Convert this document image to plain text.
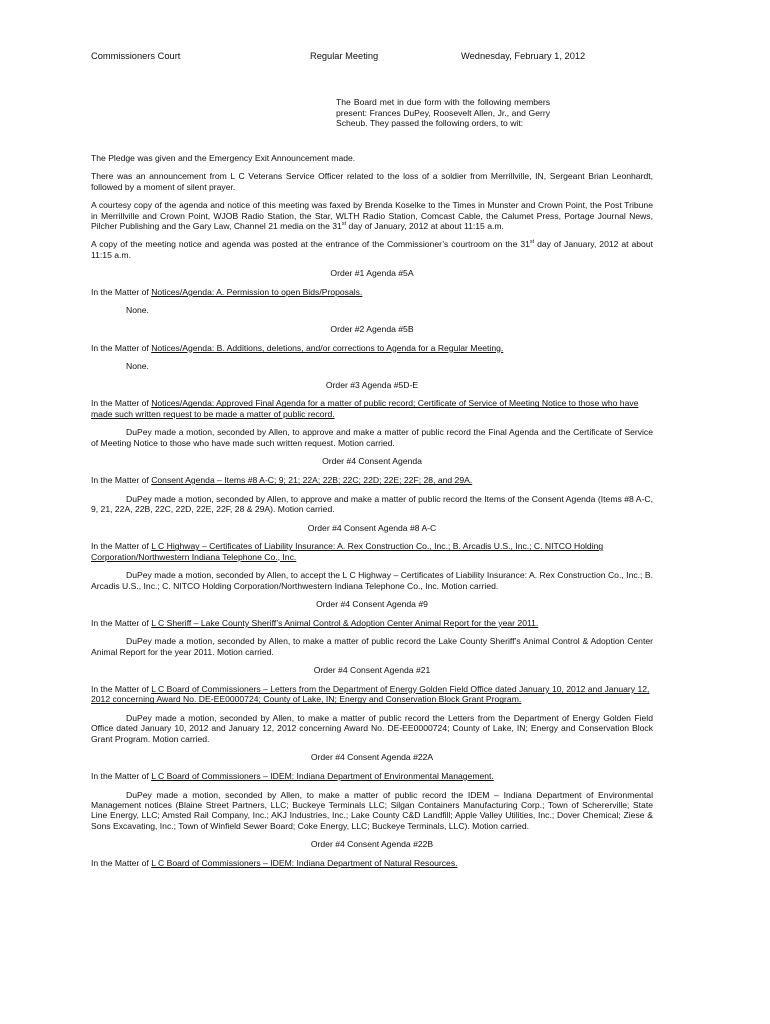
Commissioners Court	Regular Meeting	Wednesday, February 1, 2012
The Board met in due form with the following members present: Frances DuPey, Roosevelt Allen, Jr., and Gerry Scheub. They passed the following orders, to wit:

The Pledge was given and the Emergency Exit Announcement made.

There was an announcement from L C Veterans Service Officer related to the loss of a soldier from Merrillville, IN, Sergeant Brian Leonhardt, followed by a moment of silent prayer.

A courtesy copy of the agenda and notice of this meeting was faxed by Brenda Koselke to the Times in Munster and Crown Point, the Post Tribune in Merrillville and Crown Point, WJOB Radio Station, the Star, WLTH Radio Station, Comcast Cable, the Calumet Press, Portage Journal News, Pilcher Publishing and the Gary Law, Channel 21 media on the 31st day of January, 2012 at about 11:15 a.m.

A copy of the meeting notice and agenda was posted at the entrance of the Commissioner’s courtroom on the 31st day of January, 2012 at about 11:15 a.m.

Order #1 Agenda #5A

In the Matter of Notices/Agenda: A. Permission to open Bids/Proposals.

None.

Order #2 Agenda #5B

In the Matter of Notices/Agenda: B. Additions, deletions, and/or corrections to Agenda for a Regular Meeting.

None.

Order #3 Agenda #5D-E

In the Matter of Notices/Agenda: Approved Final Agenda for a matter of public record; Certificate of Service of Meeting Notice to those who have made such written request to be made a matter of public record.

DuPey made a motion, seconded by Allen, to approve and make a matter of public record the Final Agenda and the Certificate of Service of Meeting Notice to those who have made such written request. Motion carried.

Order #4 Consent Agenda

In the Matter of Consent Agenda – Items #8 A-C; 9; 21; 22A; 22B; 22C; 22D; 22E; 22F; 28, and 29A.

DuPey made a motion, seconded by Allen, to approve and make a matter of public record the Items of the Consent Agenda (Items #8 A-C, 9, 21, 22A, 22B, 22C, 22D, 22E, 22F, 28 & 29A). Motion carried.

Order #4 Consent Agenda #8 A-C

In the Matter of L C Highway – Certificates of Liability Insurance: A. Rex Construction Co., Inc.; B. Arcadis U.S., Inc.; C. NITCO Holding Corporation/Northwestern Indiana Telephone Co., Inc.

DuPey made a motion, seconded by Allen, to accept the L C Highway – Certificates of Liability Insurance: A. Rex Construction Co., Inc.; B. Arcadis U.S., Inc.; C. NITCO Holding Corporation/Northwestern Indiana Telephone Co., Inc. Motion carried.

Order #4 Consent Agenda #9

In the Matter of L C Sheriff – Lake County Sheriff’s Animal Control & Adoption Center Animal Report for the year 2011.

DuPey made a motion, seconded by Allen, to make a matter of public record the Lake County Sheriff’s Animal Control & Adoption Center Animal Report for the year 2011. Motion carried.

Order #4 Consent Agenda #21

In the Matter of L C Board of Commissioners – Letters from the Department of Energy Golden Field Office dated January 10, 2012 and January 12, 2012 concerning Award No. DE-EE0000724; County of Lake, IN; Energy and Conservation Block Grant Program.

DuPey made a motion, seconded by Allen, to make a matter of public record the Letters from the Department of Energy Golden Field Office dated January 10, 2012 and January 12, 2012 concerning Award No. DE-EE0000724; County of Lake, IN; Energy and Conservation Block Grant Program. Motion carried.

Order #4 Consent Agenda #22A

In the Matter of L C Board of Commissioners – IDEM: Indiana Department of Environmental Management.

DuPey made a motion, seconded by Allen, to make a matter of public record the IDEM – Indiana Department of Environmental Management notices (Blaine Street Partners, LLC; Buckeye Terminals LLC; Silgan Containers Manufacturing Corp.; Town of Schererville; State Line Energy, LLC; Amsted Rail Company, Inc.; AKJ Industries, Inc.; Lake County C&D Landfill; Apple Valley Utilities, Inc.; Dover Chemical; Ziese & Sons Excavating, Inc.; Town of Winfield Sewer Board; Coke Energy, LLC; Buckeye Terminals, LLC). Motion carried.

Order #4 Consent Agenda #22B

In the Matter of L C Board of Commissioners – IDEM: Indiana Department of Natural Resources.
